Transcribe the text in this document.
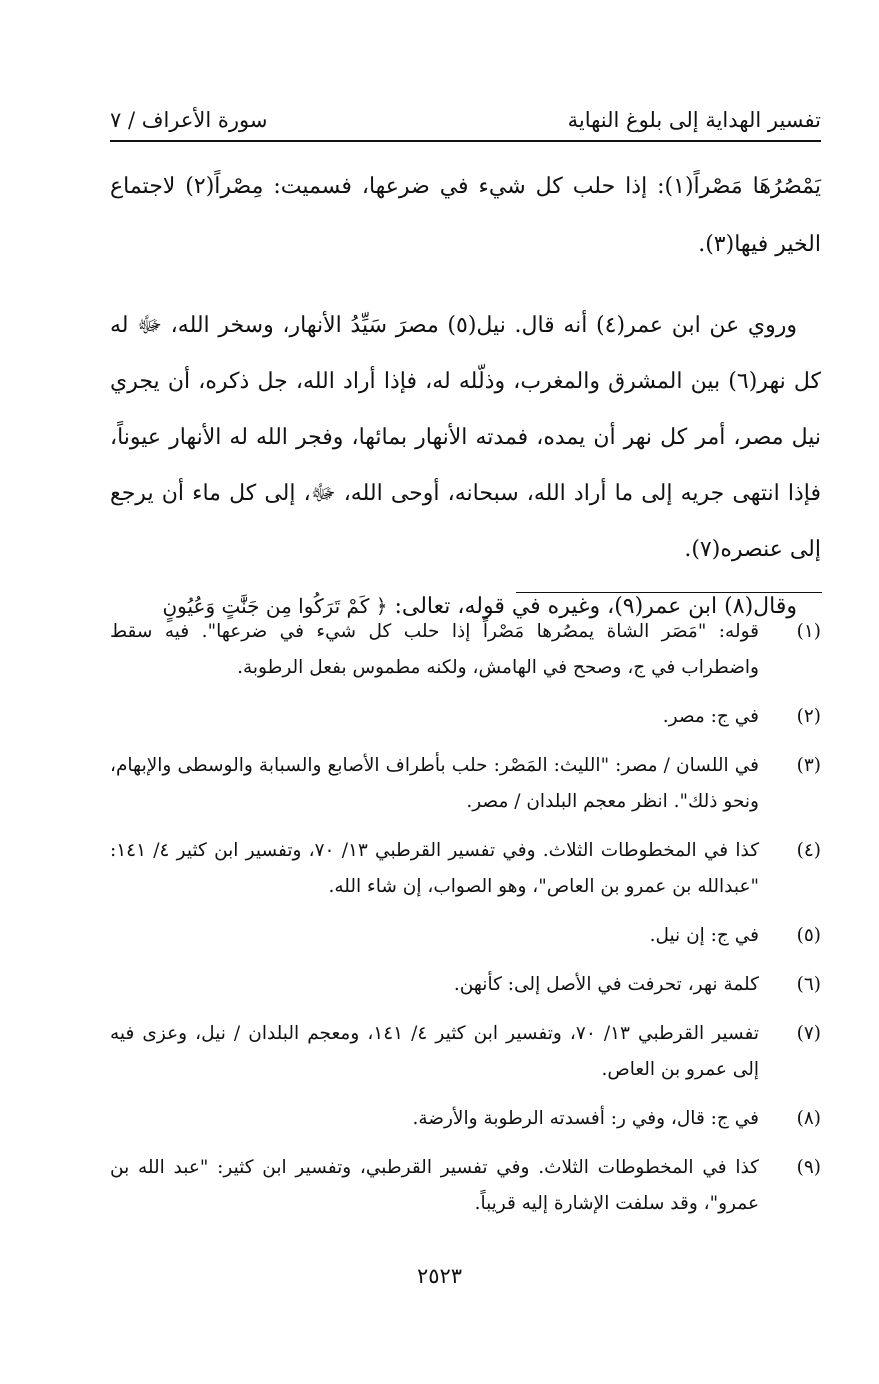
تفسير الهداية إلى بلوغ النهاية
سورة الأعراف / ٧

يَمْصُرُهَا مَصْراً(١): إذا حلب كل شيء في ضرعها، فسميت: مِصْراً(٢) لاجتماع الخير فيها(٣).

وروي عن ابن عمر(٤) أنه قال. نيل(٥) مصرَ سَيِّدُ الأنهار، وسخر الله، ﷻ له كل نهر(٦) بين المشرق والمغرب، وذلّله له، فإذا أراد الله، جل ذكره، أن يجري نيل مصر، أمر كل نهر أن يمده، فمدته الأنهار بمائها، وفجر الله له الأنهار عيوناً، فإذا انتهى جريه إلى ما أراد الله، سبحانه، أوحى الله، ﷻ، إلى كل ماء أن يرجع إلى عنصره(٧).

وقال(٨) ابن عمر(٩)، وغيره في قوله، تعالى: ﴿ كَمْ تَرَكُوا مِن جَنَّٰتٍ وَعُيُونٍ

(١)
قوله: "مَصَر الشاة يمصُرها مَصْراً إذا حلب كل شيء في ضرعها". فيه سقط واضطراب في ج، وصحح في الهامش، ولكنه مطموس بفعل الرطوبة.
(٢)
في ج: مصر.
(٣)
في اللسان / مصر: "الليث: المَصْر: حلب بأطراف الأصابع والسبابة والوسطى والإبهام، ونحو ذلك". انظر معجم البلدان / مصر.
(٤)
كذا في المخطوطات الثلاث. وفي تفسير القرطبي ١٣/ ٧٠، وتفسير ابن كثير ٤/ ١٤١: "عبدالله بن عمرو بن العاص"، وهو الصواب، إن شاء الله.
(٥)
في ج: إن نيل.
(٦)
كلمة نهر، تحرفت في الأصل إلى: كأنهن.
(٧)
تفسير القرطبي ١٣/ ٧٠، وتفسير ابن كثير ٤/ ١٤١، ومعجم البلدان / نيل، وعزى فيه إلى عمرو بن العاص.
(٨)
في ج: قال، وفي ر: أفسدته الرطوبة والأرضة.
(٩)
كذا في المخطوطات الثلاث. وفي تفسير القرطبي، وتفسير ابن كثير: "عبد الله بن عمرو"، وقد سلفت الإشارة إليه قريباً.
٢٥٢٣
